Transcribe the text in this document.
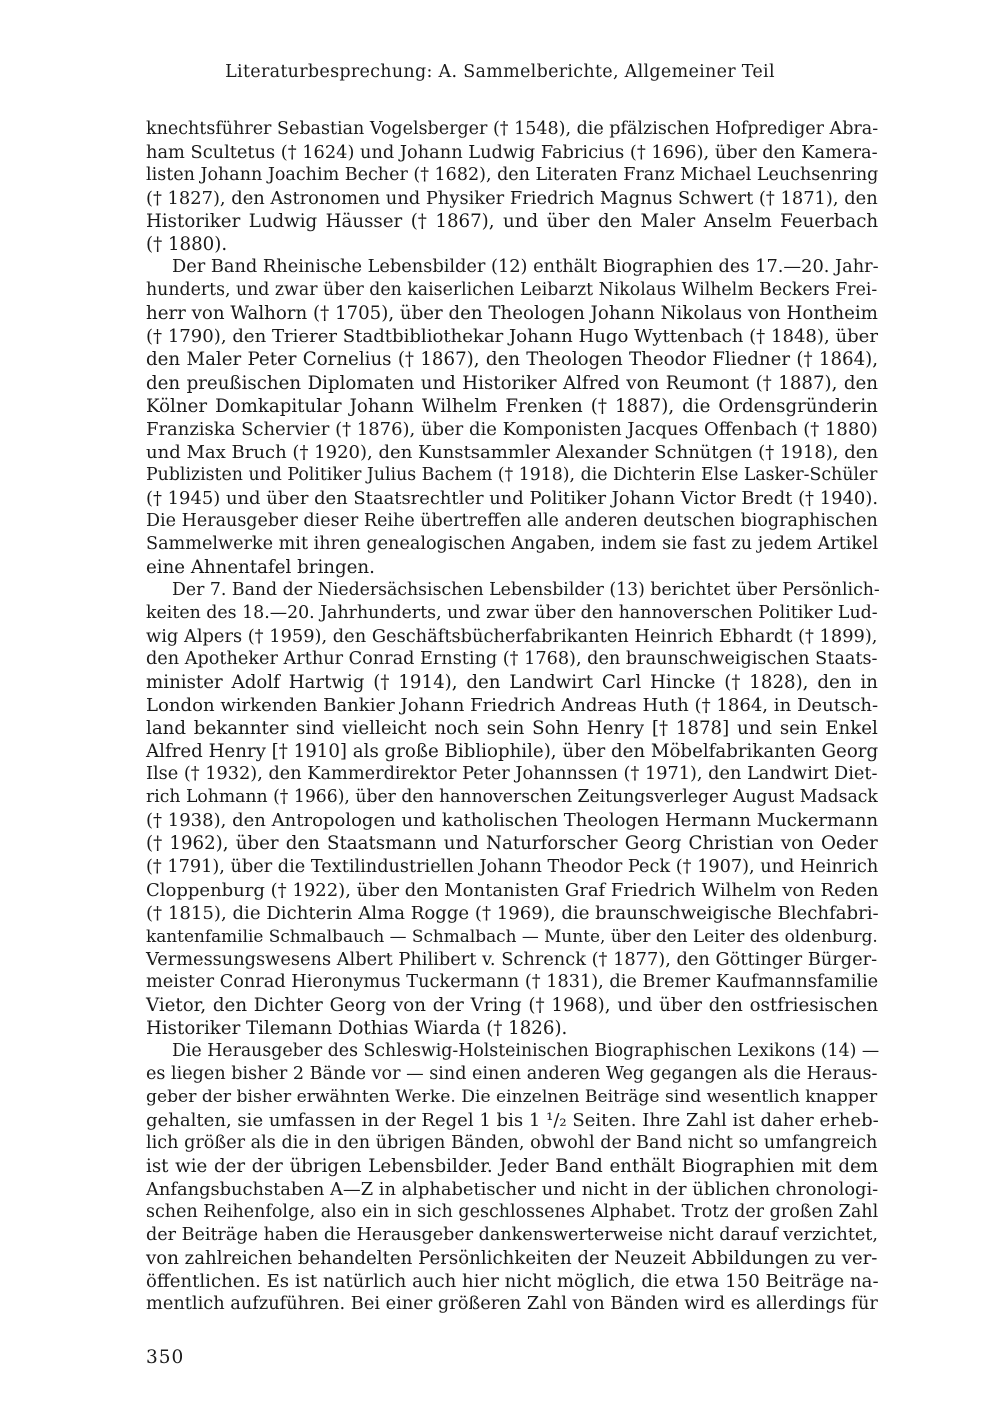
Literaturbesprechung: A. Sammelberichte, Allgemeiner Teil

knechtsführer Sebastian Vogelsberger († 1548), die pfälzischen Hofprediger Abra-
ham Scultetus († 1624) und Johann Ludwig Fabricius († 1696), über den Kamera-
listen Johann Joachim Becher († 1682), den Literaten Franz Michael Leuchsenring
(† 1827), den Astronomen und Physiker Friedrich Magnus Schwert († 1871), den
Historiker Ludwig Häusser († 1867), und über den Maler Anselm Feuerbach
(† 1880).

Der Band Rheinische Lebensbilder (12) enthält Biographien des 17.—20. Jahr-
hunderts, und zwar über den kaiserlichen Leibarzt Nikolaus Wilhelm Beckers Frei-
herr von Walhorn († 1705), über den Theologen Johann Nikolaus von Hontheim
(† 1790), den Trierer Stadtbibliothekar Johann Hugo Wyttenbach († 1848), über
den Maler Peter Cornelius († 1867), den Theologen Theodor Fliedner († 1864),
den preußischen Diplomaten und Historiker Alfred von Reumont († 1887), den
Kölner Domkapitular Johann Wilhelm Frenken († 1887), die Ordensgründerin
Franziska Schervier († 1876), über die Komponisten Jacques Offenbach († 1880)
und Max Bruch († 1920), den Kunstsammler Alexander Schnütgen († 1918), den
Publizisten und Politiker Julius Bachem († 1918), die Dichterin Else Lasker-Schüler
(† 1945) und über den Staatsrechtler und Politiker Johann Victor Bredt († 1940).
Die Herausgeber dieser Reihe übertreffen alle anderen deutschen biographischen
Sammelwerke mit ihren genealogischen Angaben, indem sie fast zu jedem Artikel
eine Ahnentafel bringen.

Der 7. Band der Niedersächsischen Lebensbilder (13) berichtet über Persönlich-
keiten des 18.—20. Jahrhunderts, und zwar über den hannoverschen Politiker Lud-
wig Alpers († 1959), den Geschäftsbücherfabrikanten Heinrich Ebhardt († 1899),
den Apotheker Arthur Conrad Ernsting († 1768), den braunschweigischen Staats-
minister Adolf Hartwig († 1914), den Landwirt Carl Hincke († 1828), den in
London wirkenden Bankier Johann Friedrich Andreas Huth († 1864, in Deutsch-
land bekannter sind vielleicht noch sein Sohn Henry [† 1878] und sein Enkel
Alfred Henry [† 1910] als große Bibliophile), über den Möbelfabrikanten Georg
Ilse († 1932), den Kammerdirektor Peter Johannssen († 1971), den Landwirt Diet-
rich Lohmann († 1966), über den hannoverschen Zeitungsverleger August Madsack
(† 1938), den Antropologen und katholischen Theologen Hermann Muckermann
(† 1962), über den Staatsmann und Naturforscher Georg Christian von Oeder
(† 1791), über die Textilindustriellen Johann Theodor Peck († 1907), und Heinrich
Cloppenburg († 1922), über den Montanisten Graf Friedrich Wilhelm von Reden
(† 1815), die Dichterin Alma Rogge († 1969), die braunschweigische Blechfabri-
kantenfamilie Schmalbauch — Schmalbach — Munte, über den Leiter des oldenburg.
Vermessungswesens Albert Philibert v. Schrenck († 1877), den Göttinger Bürger-
meister Conrad Hieronymus Tuckermann († 1831), die Bremer Kaufmannsfamilie
Vietor, den Dichter Georg von der Vring († 1968), und über den ostfriesischen
Historiker Tilemann Dothias Wiarda († 1826).

Die Herausgeber des Schleswig-Holsteinischen Biographischen Lexikons (14) —
es liegen bisher 2 Bände vor — sind einen anderen Weg gegangen als die Heraus-
geber der bisher erwähnten Werke. Die einzelnen Beiträge sind wesentlich knapper
gehalten, sie umfassen in der Regel 1 bis 1 ¹/₂ Seiten. Ihre Zahl ist daher erheb-
lich größer als die in den übrigen Bänden, obwohl der Band nicht so umfangreich
ist wie der der übrigen Lebensbilder. Jeder Band enthält Biographien mit dem
Anfangsbuchstaben A—Z in alphabetischer und nicht in der üblichen chronologi-
schen Reihenfolge, also ein in sich geschlossenes Alphabet. Trotz der großen Zahl
der Beiträge haben die Herausgeber dankenswerterweise nicht darauf verzichtet,
von zahlreichen behandelten Persönlichkeiten der Neuzeit Abbildungen zu ver-
öffentlichen. Es ist natürlich auch hier nicht möglich, die etwa 150 Beiträge na-
mentlich aufzuführen. Bei einer größeren Zahl von Bänden wird es allerdings für

350
